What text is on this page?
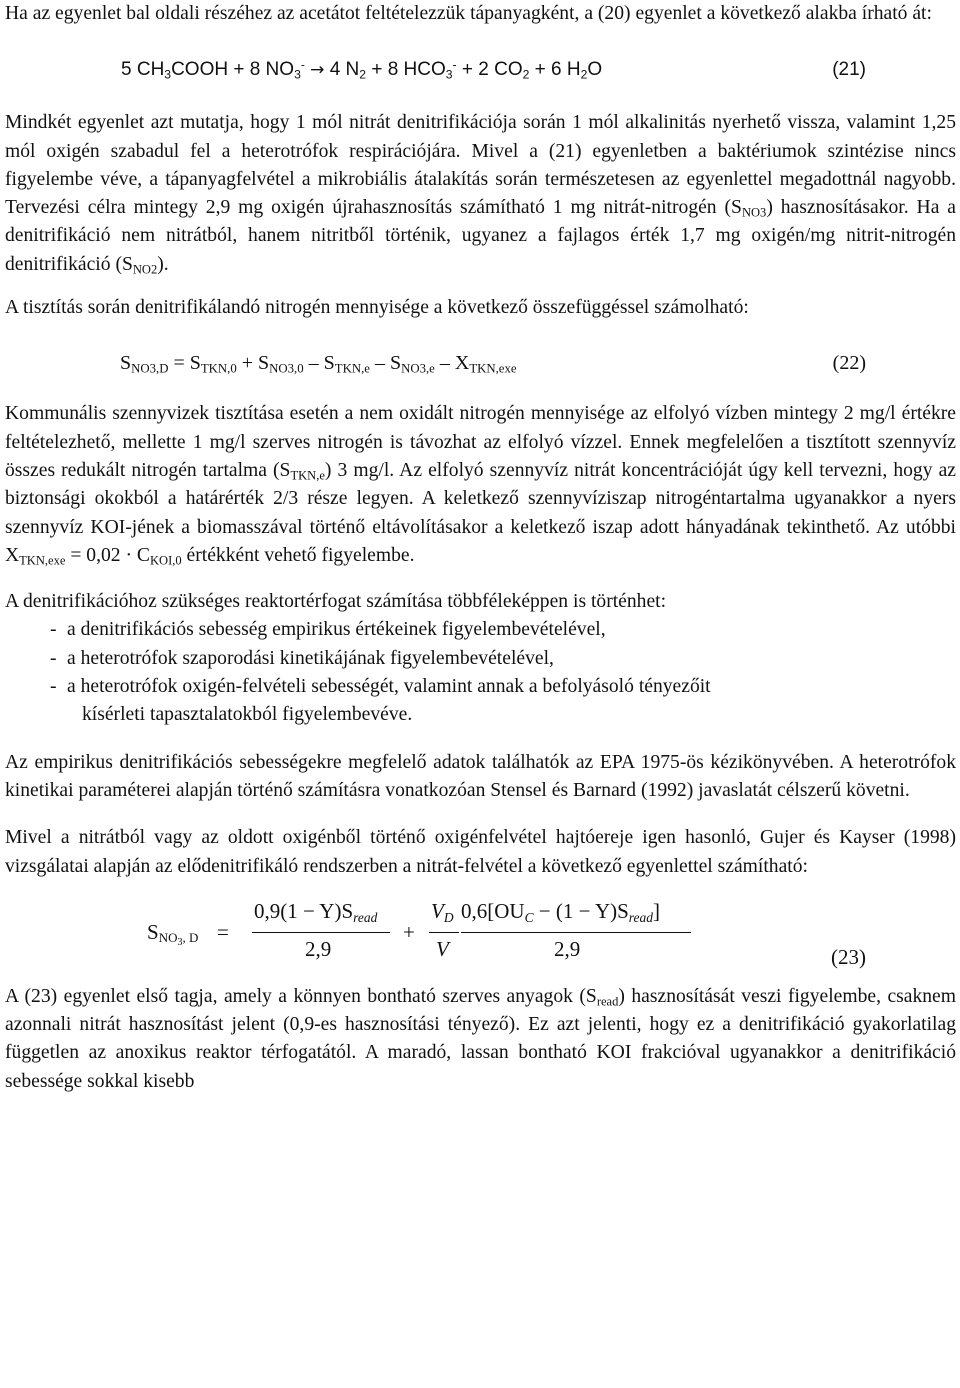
Ha az egyenlet bal oldali részéhez az acetátot feltételezzük tápanyagként, a (20) egyenlet a következő alakba írható át:

5 $CH_3COOH + 8$ $NO_3^- \to 4$ $N_2 + 8$ $HCO_3^- + 2$ $CO_2 + 6$ $H_2O$	(21)

Mindkét egyenlet azt mutatja, hogy 1 mól nitrát denitrifikációja során 1 mól alkalinitás nyerhető vissza, valamint 1,25 mól oxigén szabadul fel a heterotrófok respirációjára. Mivel a (21) egyenletben a baktériumok szintézise nincs figyelembe véve, a tápanyagfelvétel a mikrobiális átalakítás során természetesen az egyenlettel megadottnál nagyobb. Tervezési célra mintegy 2,9 mg oxigén újrahasznosítás számítható 1 mg nitrát-nitrogén $(S_{NO3})$ hasznosításakor. Ha a denitrifikáció nem nitrátból, hanem nitritből történik, ugyanez a fajlagos érték 1,7 mg oxigén/mg nitrit-nitrogén denitrifikáció $(S_{NO2})$.

A tisztítás során denitrifikálandó nitrogén mennyisége a következő összefüggéssel számolható:

$S_{NO3,D} = S_{TKN,0} + S_{NO3,0} - S_{TKN,e} - S_{NO3,e} - X_{TKN,exe}$	(22)

Kommunális szennyvizek tisztítása esetén a nem oxidált nitrogén mennyisége az elfolyó vízben mintegy 2 mg/l értékre feltételezhető, mellette 1 mg/l szerves nitrogén is távozhat az elfolyó vízzel. Ennek megfelelően a tisztított szennyvíz összes redukált nitrogén tartalma $(S_{TKN,e})$ 3 mg/l. Az elfolyó szennyvíz nitrát koncentrációját úgy kell tervezni, hogy az biztonsági okokból a határérték 2/3 része legyen. A keletkező szennyvíziszap nitrogéntartalma ugyanakkor a nyers szennyvíz KOI-jének a biomasszával történő eltávolításakor a keletkező iszap adott hányadának tekinthető. Az utóbbi $X_{TKN,exe} = 0,02 \cdot C_{KOI,0}$ értékként vehető figyelembe.

A denitrifikációhoz szükséges reaktortérfogat számítása többféleképpen is történhet:

- a denitrifikációs sebesség empirikus értékeinek figyelembevételével,
- a heterotrófok szaporodási kinetikájának figyelembevételével,
- a heterotrófok oxigén-felvételi sebességét, valamint annak a befolyásoló tényezőit
kísérleti tapasztalatokból figyelembevéve.

Az empirikus denitrifikációs sebességekre megfelelő adatok találhatók az EPA 1975-ös kézikönyvében. A heterotrófok kinetikai paraméterei alapján történő számításra vonatkozóan Stensel és Barnard (1992) javaslatát célszerű követni.

Mivel a nitrátból vagy az oldott oxigénből történő oxigénfelvétel hajtóereje igen hasonló, Gujer és Kayser (1998) vizsgálatai alapján az elődenitrifikáló rendszerben a nitrát-felvétel a következő egyenlettel számítható:

$S_{NO_3, D}$ =
$0,9(1 - Y)S_{read}$
2,9
+
$V_D$
V
$0,6[OU_C - (1 - Y)S_{read}]$
2,9	(23)

A (23) egyenlet első tagja, amely a könnyen bontható szerves anyagok $(S_{read})$ hasznosítását veszi figyelembe, csaknem azonnali nitrát hasznosítást jelent (0,9-es hasznosítási tényező). Ez azt jelenti, hogy ez a denitrifikáció gyakorlatilag független az anoxikus reaktor térfogatától. A maradó, lassan bontható KOI frakcióval ugyanakkor a denitrifikáció sebessége sokkal kisebb
